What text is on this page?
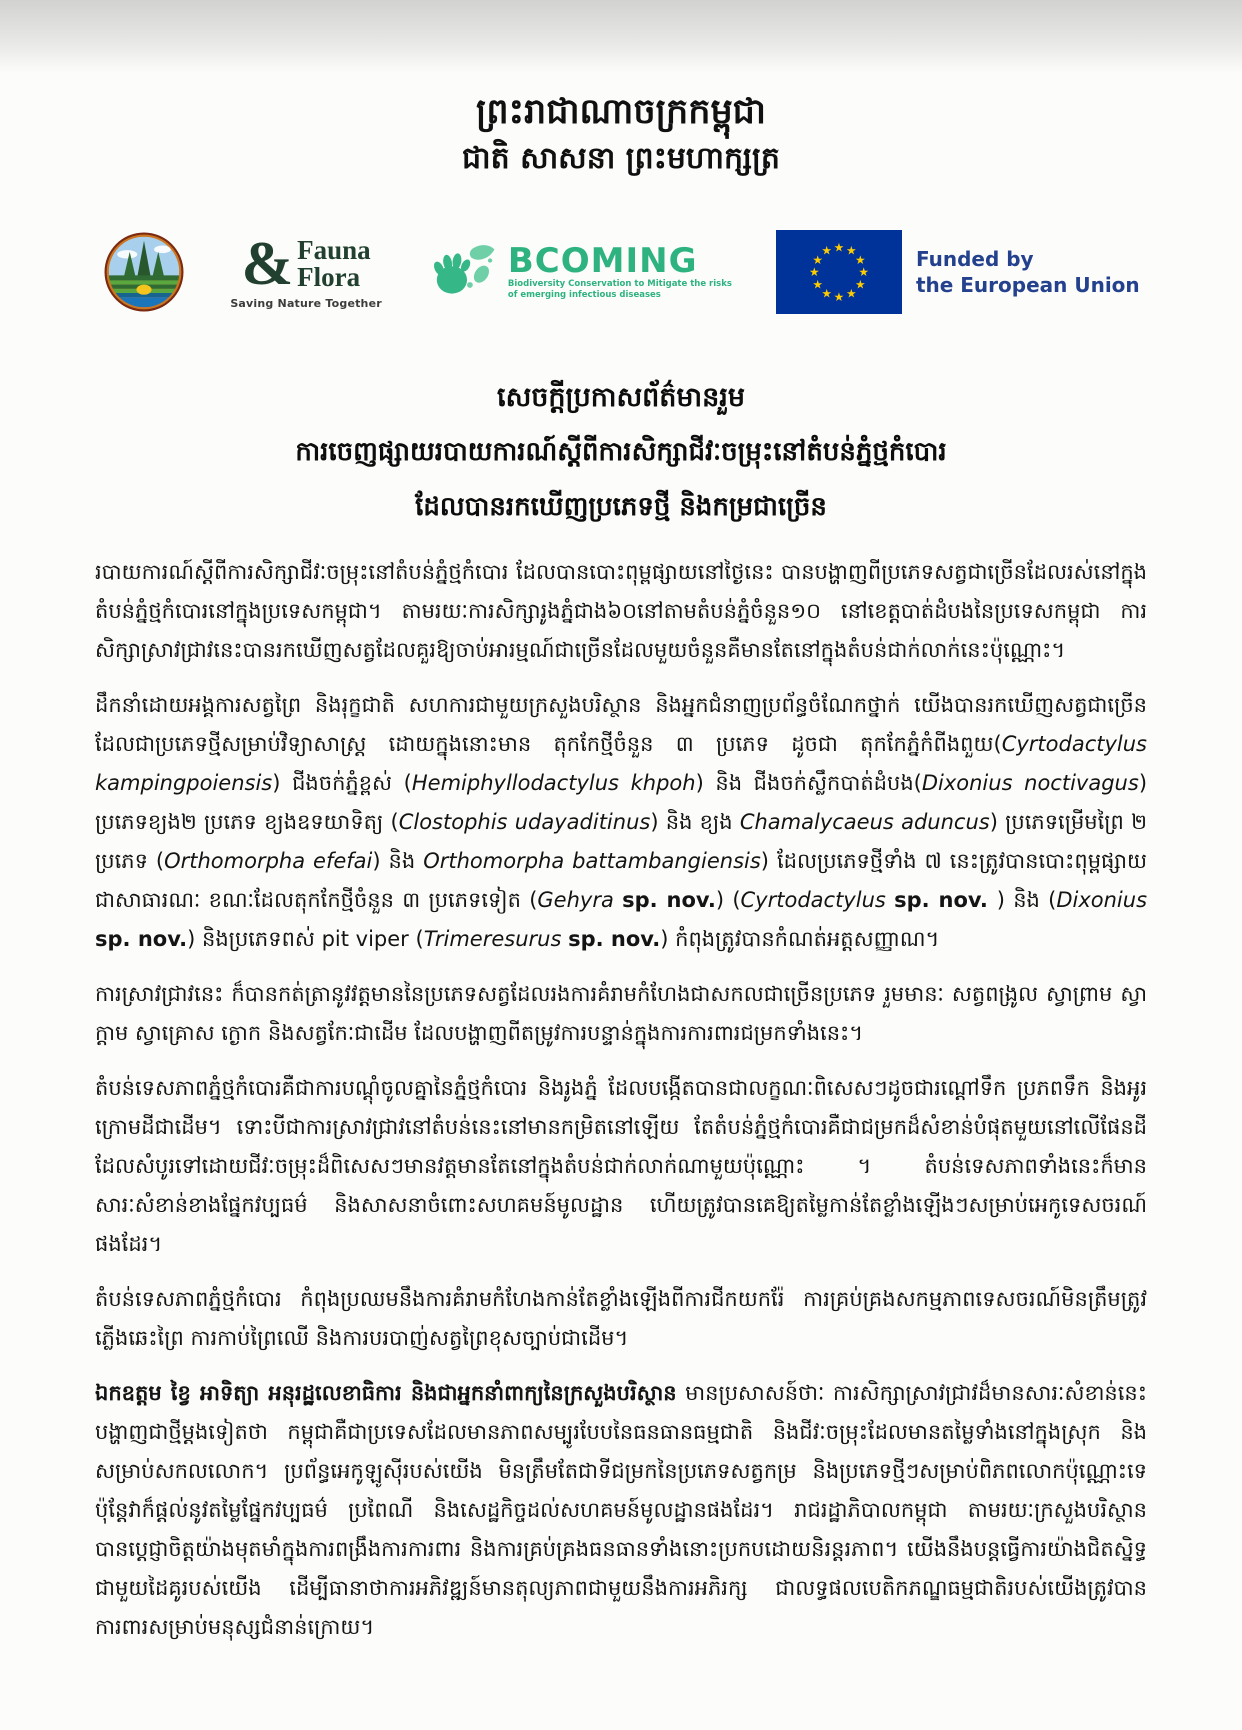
ព្រះរាជាណាចក្រកម្ពុជា
ជាតិ សាសនា ព្រះមហាក្សត្រ
& Fauna
Flora
Saving Nature Together
BCOMING
Biodiversity Conservation to Mitigate the risks
of emerging infectious diseases
★ ★
★
★
★
★
★
★
★
★
★
★	Funded by
the European Union
សេចក្តីប្រកាសព័ត៌មានរួម
ការចេញផ្សាយរបាយការណ៍ស្តីពីការសិក្សាជីវៈចម្រុះនៅតំបន់ភ្នំថ្មកំបោរ
ដែលបានរកឃើញប្រភេទថ្មី និងកម្រជាច្រើន

របាយការណ៍ស្តីពីការសិក្សាជីវៈចម្រុះនៅតំបន់ភ្នំថ្មកំបោរ ដែលបានបោះពុម្ពផ្សាយនៅថ្ងៃនេះ បានបង្ហាញពីប្រភេទសត្វជាច្រើនដែលរស់នៅក្នុងតំបន់ភ្នំថ្មកំបោរនៅក្នុងប្រទេសកម្ពុជា។ តាមរយៈការសិក្សារូងភ្នំជាង៦០នៅតាមតំបន់ភ្នំចំនួន១០ នៅខេត្តបាត់ដំបងនៃប្រទេសកម្ពុជា ការសិក្សាស្រាវជ្រាវនេះបានរកឃើញសត្វដែលគួរឱ្យចាប់អារម្មណ៍ជាច្រើនដែលមួយចំនួនគឺមានតែនៅក្នុងតំបន់ជាក់លាក់នេះប៉ុណ្ណោះ។

ដឹកនាំដោយអង្គការសត្វព្រៃ និងរុក្ខជាតិ សហការជាមួយក្រសួងបរិស្ថាន និងអ្នកជំនាញប្រព័ន្ធចំណែកថ្នាក់ យើងបានរកឃើញសត្វជាច្រើនដែលជាប្រភេទថ្មីសម្រាប់វិទ្យាសាស្ត្រ ដោយក្នុងនោះមាន តុកកែថ្មីចំនួន ៣ ប្រភេទ ដូចជា តុកកែភ្នំកំពីងពួយ(Cyrtodactylus kampingpoiensis) ជីងចក់ភ្នំខ្ពស់ (Hemiphyllodactylus khpoh) និង ជីងចក់ស្លឹកបាត់ដំបង(Dixonius noctivagus) ប្រភេទខ្យង២ ប្រភេទ ខ្យងឧទយាទិត្យ (Clostophis udayaditinus) និង ខ្យង Chamalycaeus aduncus) ប្រភេទម្រើមព្រៃ ២ ប្រភេទ (Orthomorpha efefai) និង Orthomorpha battambangiensis) ដែលប្រភេទថ្មីទាំង ៧ នេះត្រូវបានបោះពុម្ពផ្សាយជាសាធារណៈ ខណៈដែលតុកកែថ្មីចំនួន ៣ ប្រភេទទៀត (Gehyra sp. nov.) (Cyrtodactylus sp. nov. ) និង (Dixonius sp. nov.) និងប្រភេទពស់ pit viper (Trimeresurus sp. nov.) កំពុងត្រូវបានកំណត់អត្តសញ្ញាណ។

ការស្រាវជ្រាវនេះ ក៏បានកត់ត្រានូវវត្តមាននៃប្រភេទសត្វដែលរងការគំរាមកំហែងជាសកលជាច្រើនប្រភេទ រួមមានៈ សត្វពង្រូល ស្វាព្រាម ស្វាក្តាម ស្វាគ្រោស ក្ងោក និងសត្វកែៈជាដើម ដែលបង្ហាញពីតម្រូវការបន្ទាន់ក្នុងការការពារជម្រកទាំងនេះ។

តំបន់ទេសភាពភ្នំថ្មកំបោរគឺជាការបណ្តុំចូលគ្នានៃភ្នំថ្មកំបោរ និងរូងភ្នំ ដែលបង្កើតបានជាលក្ខណៈពិសេសៗដូចជារណ្តៅទឹក ប្រភពទឹក និងអូរក្រោមដីជាដើម។ ទោះបីជាការស្រាវជ្រាវនៅតំបន់នេះនៅមានកម្រិតនៅឡើយ តែតំបន់ភ្នំថ្មកំបោរគឺជាជម្រកដ៏សំខាន់បំផុតមួយនៅលើផែនដី ដែលសំបូរទៅដោយជីវៈចម្រុះដ៏ពិសេសៗមានវត្តមានតែនៅក្នុងតំបន់ជាក់លាក់ណាមួយប៉ុណ្ណោះ ។ តំបន់ទេសភាពទាំងនេះក៏មានសារៈសំខាន់ខាងផ្នែកវប្បធម៌ និងសាសនាចំពោះសហគមន៍មូលដ្ឋាន ហើយត្រូវបានគេឱ្យតម្លៃកាន់តែខ្លាំងឡើងៗសម្រាប់អេកូទេសចរណ៍ផងដែរ។

តំបន់ទេសភាពភ្នំថ្មកំបោរ កំពុងប្រឈមនឹងការគំរាមកំហែងកាន់តែខ្លាំងឡើងពីការជីកយករ៉ែ ការគ្រប់គ្រងសកម្មភាពទេសចរណ៍មិនត្រឹមត្រូវ ភ្លើងឆេះព្រៃ ការកាប់ព្រៃឈើ និងការបរបាញ់សត្វព្រៃខុសច្បាប់ជាដើម។

ឯកឧត្តម ខ្វៃ អាទិត្យា អនុរដ្ឋលេខាធិការ និងជាអ្នកនាំពាក្យនៃក្រសួងបរិស្ថាន មានប្រសាសន៍ថាៈ ការសិក្សាស្រាវជ្រាវដ៏មានសារៈសំខាន់នេះបង្ហាញជាថ្មីម្តងទៀតថា កម្ពុជាគឺជាប្រទេសដែលមានភាពសម្បូរបែបនៃធនធានធម្មជាតិ និងជីវៈចម្រុះដែលមានតម្លៃទាំងនៅក្នុងស្រុក និងសម្រាប់សកលលោក។ ប្រព័ន្ធអេកូឡូស៊ីរបស់យើង មិនត្រឹមតែជាទីជម្រកនៃប្រភេទសត្វកម្រ និងប្រភេទថ្មីៗសម្រាប់ពិភពលោកប៉ុណ្ណោះទេ ប៉ុន្តែវាក៏ផ្តល់នូវតម្លៃផ្នែកវប្បធម៌ ប្រពៃណី និងសេដ្ឋកិច្ចដល់សហគមន៍មូលដ្ឋានផងដែរ។ រាជរដ្ឋាភិបាលកម្ពុជា តាមរយៈក្រសួងបរិស្ថាន បានប្តេជ្ញាចិត្តយ៉ាងមុតមាំក្នុងការពង្រឹងការការពារ និងការគ្រប់គ្រងធនធានទាំងនោះប្រកបដោយនិរន្តរភាព។ យើងនឹងបន្តធ្វើការយ៉ាងជិតស្និទ្ធជាមួយដៃគូរបស់យើង ដើម្បីធានាថាការអភិវឌ្ឍន៍មានតុល្យភាពជាមួយនឹងការអភិរក្ស ជាលទ្ធផលបេតិកភណ្ឌធម្មជាតិរបស់យើងត្រូវបានការពារសម្រាប់មនុស្សជំនាន់ក្រោយ។
